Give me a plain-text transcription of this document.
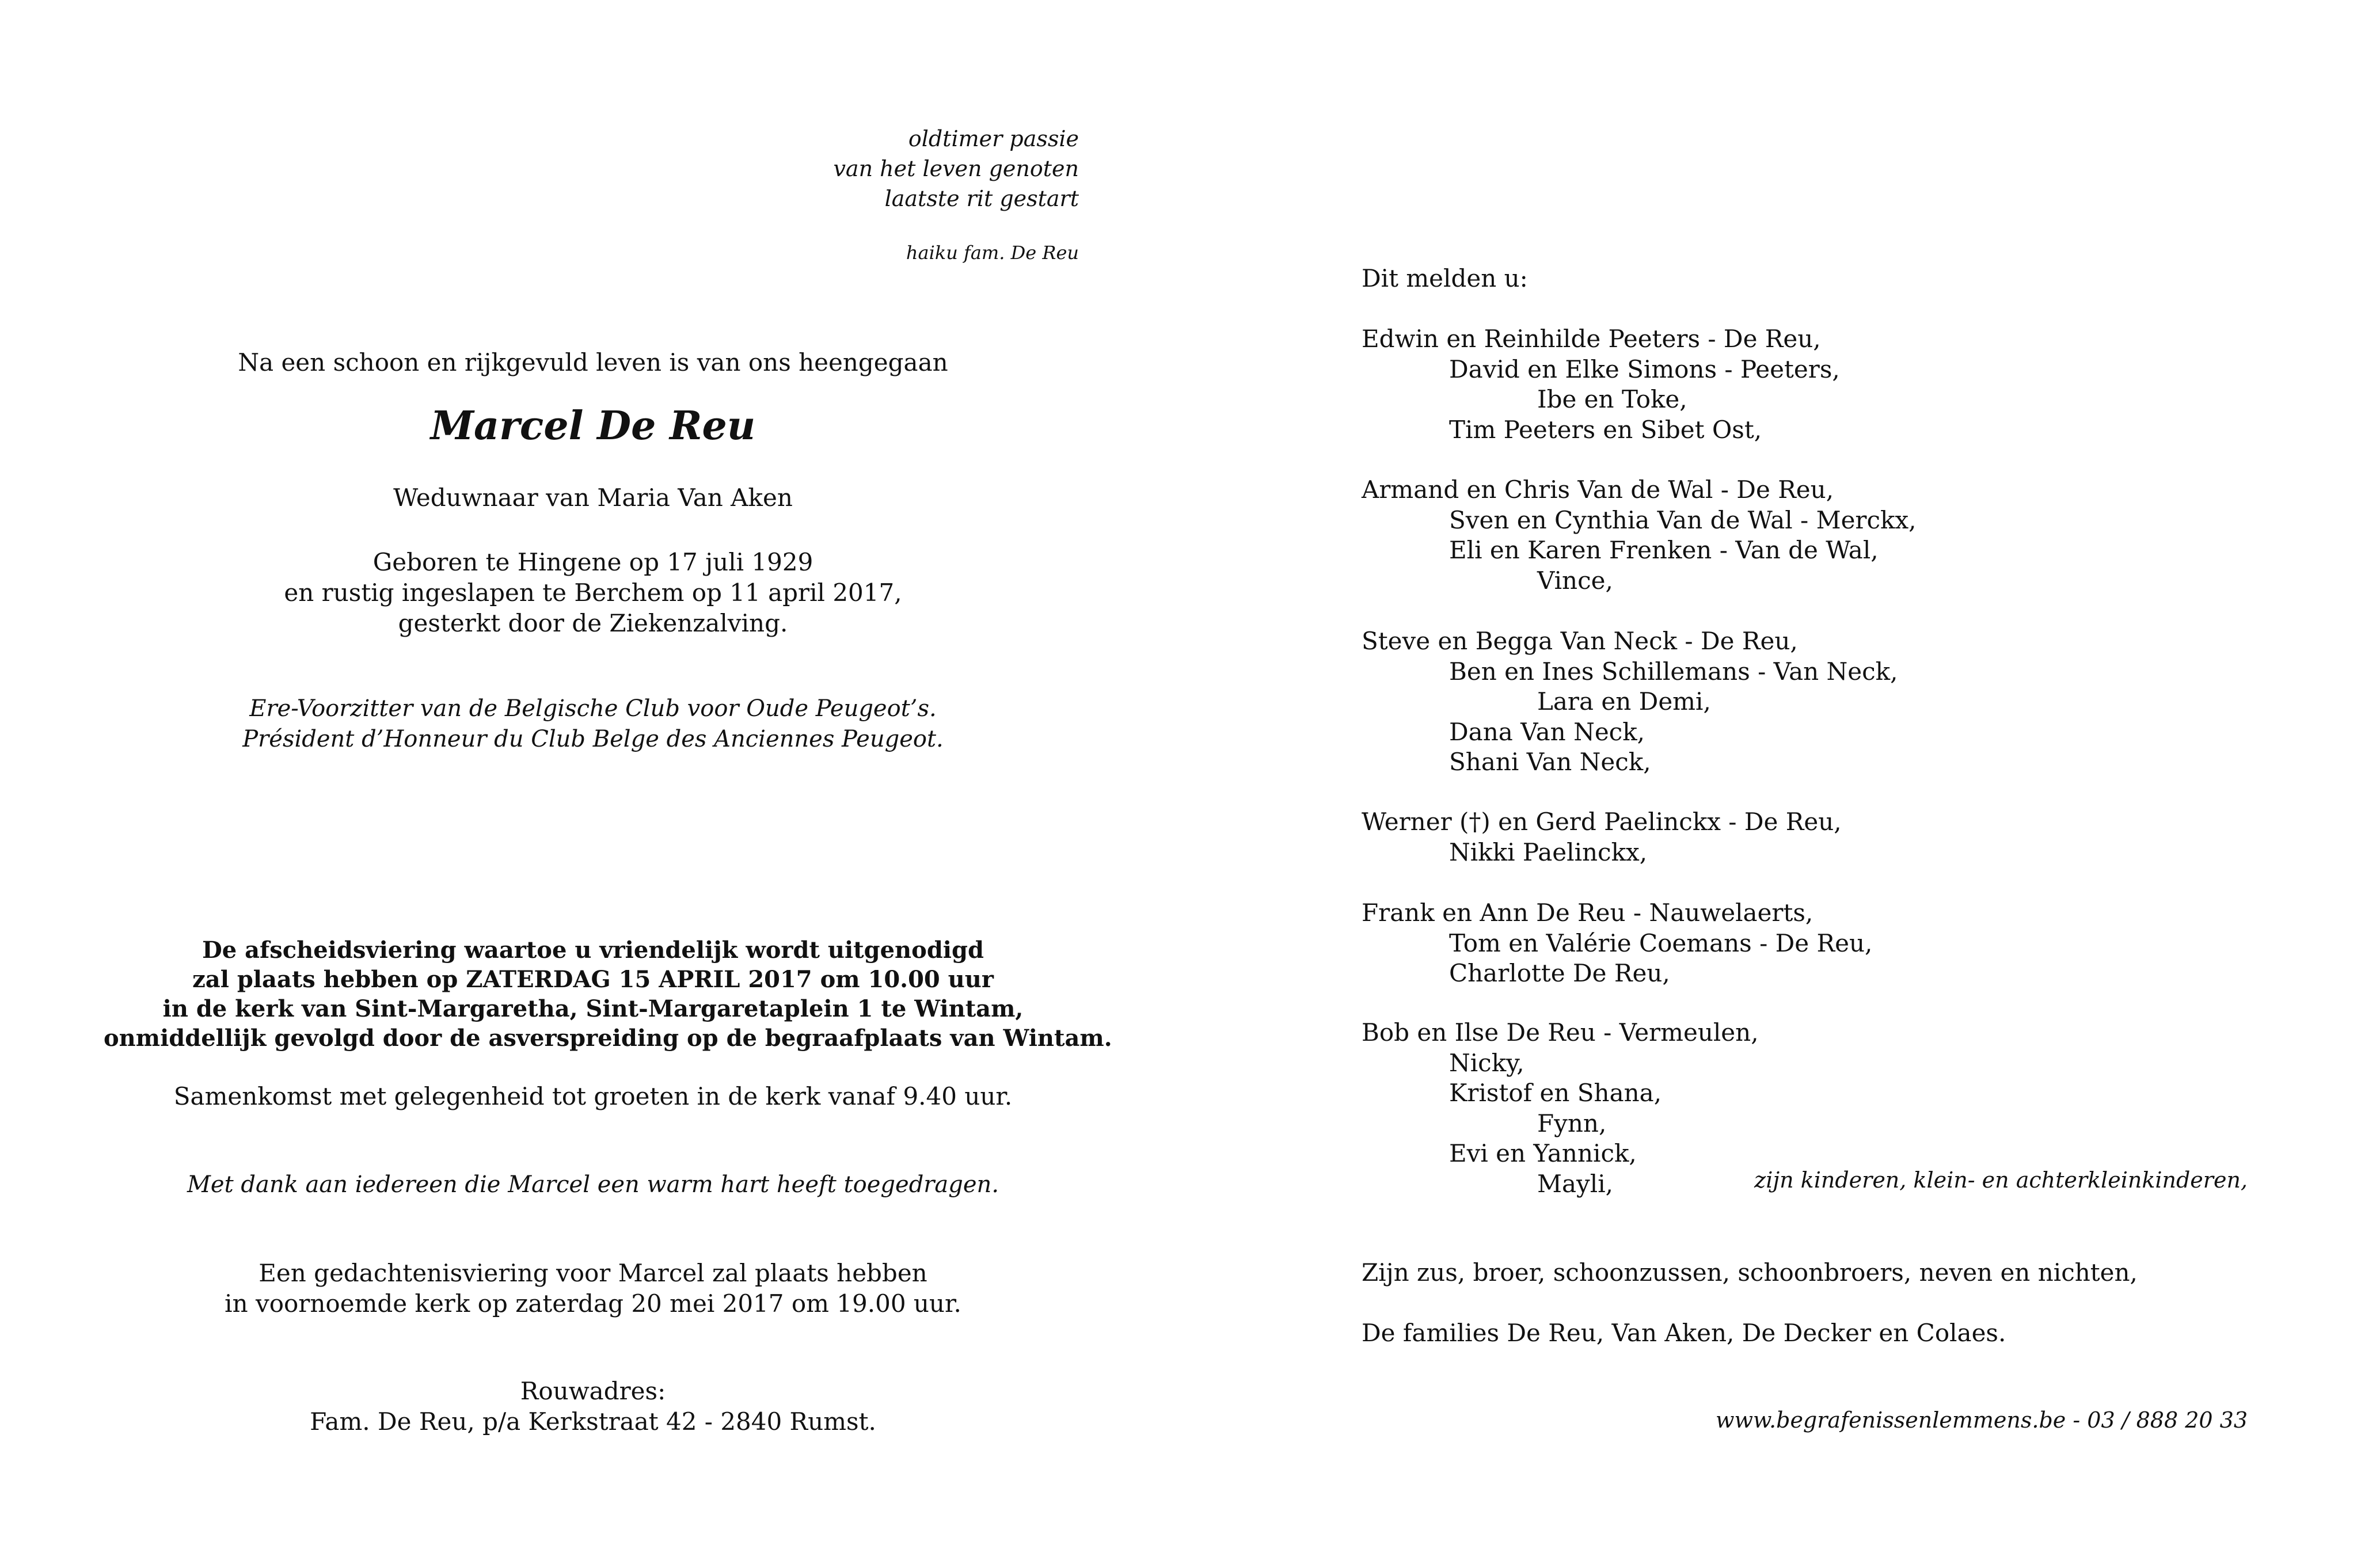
oldtimer passie

van het leven genoten

laatste rit gestart

haiku fam. De Reu
Na een schoon en rijkgevuld leven is van ons heengegaan
Marcel De Reu
Weduwnaar van Maria Van Aken

Geboren te Hingene op 17 juli 1929

en rustig ingeslapen te Berchem op 11 april 2017,

gesterkt door de Ziekenzalving.

Ere-Voorzitter van de Belgische Club voor Oude Peugeot’s.

Président d’Honneur du Club Belge des Anciennes Peugeot.

De afscheidsviering waartoe u vriendelijk wordt uitgenodigd

zal plaats hebben op ZATERDAG 15 APRIL 2017 om 10.00 uur

in de kerk van Sint-Margaretha, Sint-Margaretaplein 1 te Wintam,

onmiddellijk gevolgd door de asverspreiding op de begraafplaats van Wintam.

Samenkomst met gelegenheid tot groeten in de kerk vanaf 9.40 uur.
Met dank aan iedereen die Marcel een warm hart heeft toegedragen.

Een gedachtenisviering voor Marcel zal plaats hebben

in voornoemde kerk op zaterdag 20 mei 2017 om 19.00 uur.

Rouwadres:

Fam. De Reu, p/a Kerkstraat 42 - 2840 Rumst.

Dit melden u:

Edwin en Reinhilde Peeters - De Reu,

David en Elke Simons - Peeters,

Ibe en Toke,

Tim Peeters en Sibet Ost,

Armand en Chris Van de Wal - De Reu,

Sven en Cynthia Van de Wal - Merckx,

Eli en Karen Frenken - Van de Wal,

Vince,

Steve en Begga Van Neck - De Reu,

Ben en Ines Schillemans - Van Neck,

Lara en Demi,

Dana Van Neck,

Shani Van Neck,

Werner (†) en Gerd Paelinckx - De Reu,

Nikki Paelinckx,

Frank en Ann De Reu - Nauwelaerts,

Tom en Valérie Coemans - De Reu,

Charlotte De Reu,

Bob en Ilse De Reu - Vermeulen,

Nicky,

Kristof en Shana,

Fynn,

Evi en Yannick,

Mayli,	zijn kinderen, klein- en achterkleinkinderen,
Zijn zus, broer, schoonzussen, schoonbroers, neven en nichten,
De families De Reu, Van Aken, De Decker en Colaes.
www.begrafenissenlemmens.be - 03 / 888 20 33
